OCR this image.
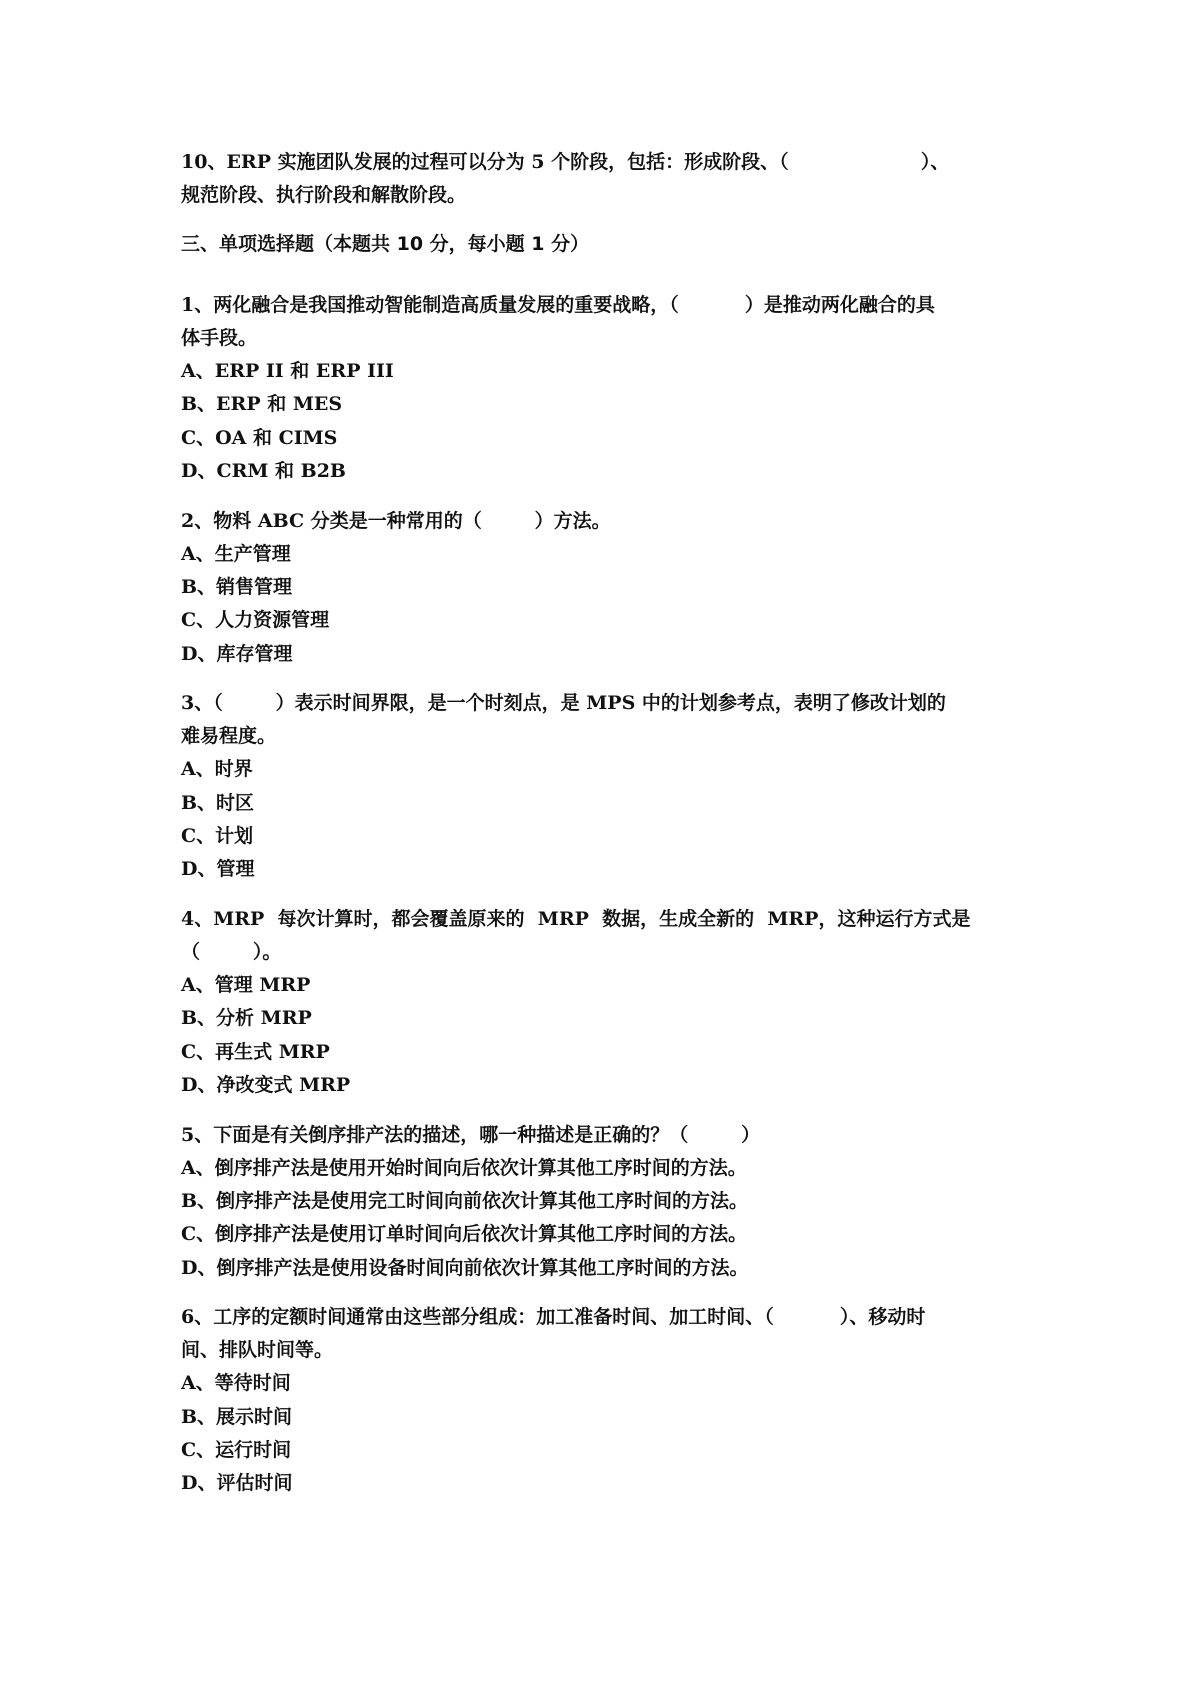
10、ERP 实施团队发展的过程可以分为 5 个阶段，包括：形成阶段、（                    ）、

规范阶段、执行阶段和解散阶段。

三、单项选择题（本题共 10 分，每小题 1 分）

1、两化融合是我国推动智能制造高质量发展的重要战略，（          ）是推动两化融合的具

体手段。

A、ERP II 和 ERP III

B、ERP 和 MES

C、OA 和 CIMS

D、CRM 和 B2B

2、物料 ABC 分类是一种常用的（        ）方法。

A、生产管理

B、销售管理

C、人力资源管理

D、库存管理

3、（        ）表示时间界限，是一个时刻点，是 MPS 中的计划参考点，表明了修改计划的

难易程度。

A、时界

B、时区

C、计划

D、管理

4、MRP  每次计算时，都会覆盖原来的  MRP  数据，生成全新的  MRP，这种运行方式是

（        ）。

A、管理 MRP

B、分析 MRP

C、再生式 MRP

D、净改变式 MRP

5、下面是有关倒序排产法的描述，哪一种描述是正确的？（        ）

A、倒序排产法是使用开始时间向后依次计算其他工序时间的方法。

B、倒序排产法是使用完工时间向前依次计算其他工序时间的方法。

C、倒序排产法是使用订单时间向后依次计算其他工序时间的方法。

D、倒序排产法是使用设备时间向前依次计算其他工序时间的方法。

6、工序的定额时间通常由这些部分组成：加工准备时间、加工时间、（          ）、移动时

间、排队时间等。

A、等待时间

B、展示时间

C、运行时间

D、评估时间
